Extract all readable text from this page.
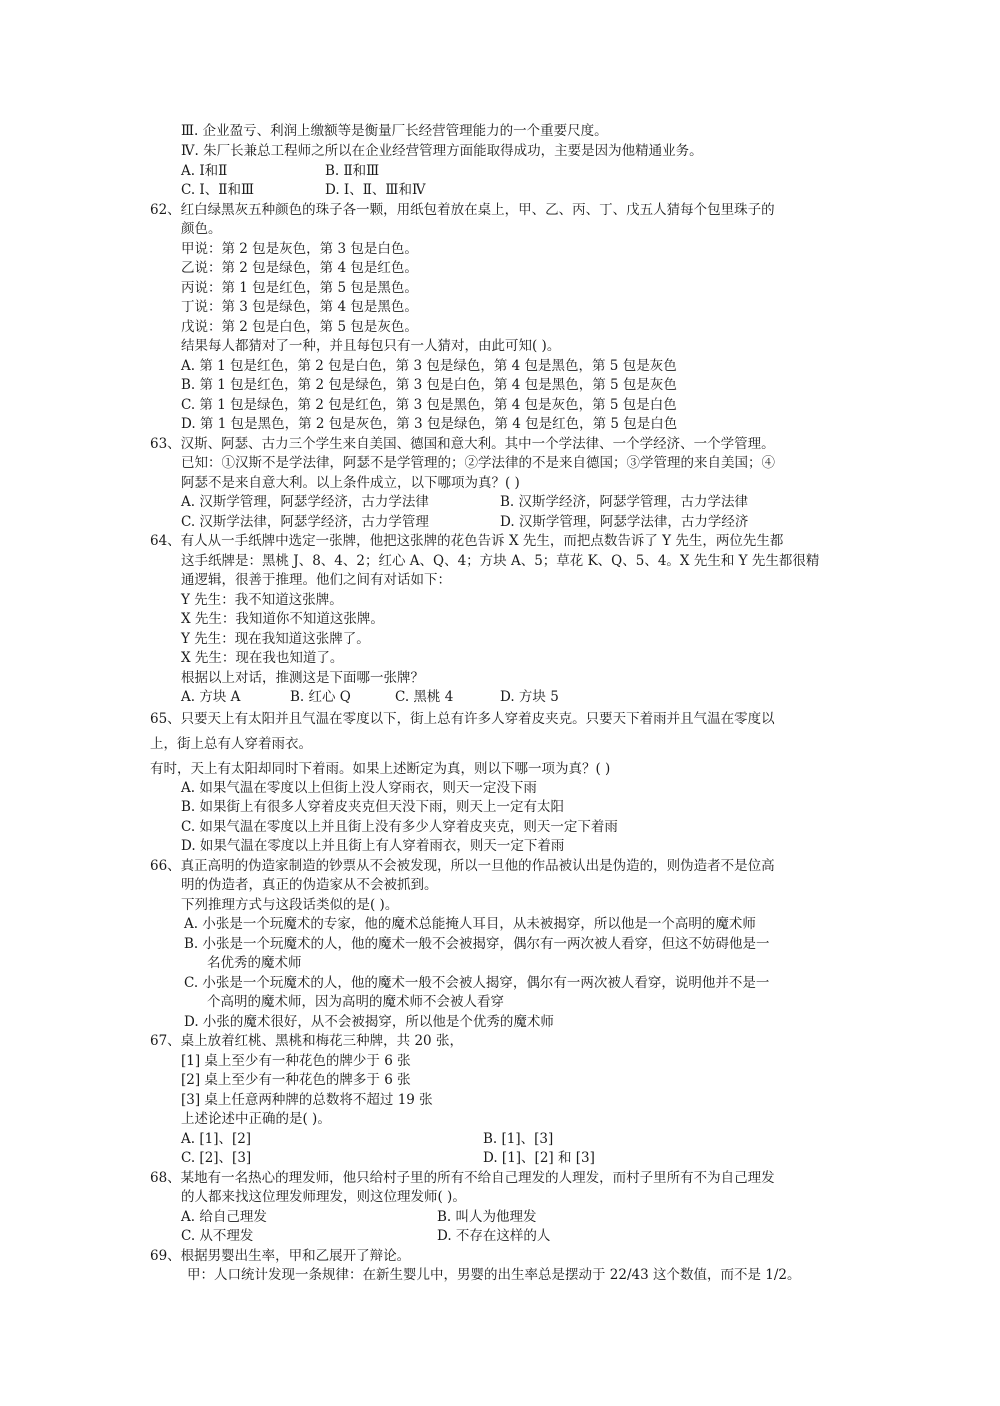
Ⅲ. 企业盈亏、利润上缴额等是衡量厂长经营管理能力的一个重要尺度。
Ⅳ. 朱厂长兼总工程师之所以在企业经营管理方面能取得成功，主要是因为他精通业务。
A. Ⅰ和Ⅱ	B. Ⅱ和Ⅲ
C. Ⅰ、Ⅱ和Ⅲ	D. Ⅰ、Ⅱ、Ⅲ和Ⅳ
62、红白绿黑灰五种颜色的珠子各一颗，用纸包着放在桌上，甲、乙、丙、丁、戊五人猜每个包里珠子的
颜色。
甲说：第 2 包是灰色，第 3 包是白色。
乙说：第 2 包是绿色，第 4 包是红色。
丙说：第 1 包是红色，第 5 包是黑色。
丁说：第 3 包是绿色，第 4 包是黑色。
戊说：第 2 包是白色，第 5 包是灰色。
结果每人都猜对了一种，并且每包只有一人猜对，由此可知( )。
A. 第 1 包是红色，第 2 包是白色，第 3 包是绿色，第 4 包是黑色，第 5 包是灰色
B. 第 1 包是红色，第 2 包是绿色，第 3 包是白色，第 4 包是黑色，第 5 包是灰色
C. 第 1 包是绿色，第 2 包是红色，第 3 包是黑色，第 4 包是灰色，第 5 包是白色
D. 第 1 包是黑色，第 2 包是灰色，第 3 包是绿色，第 4 包是红色，第 5 包是白色
63、汉斯、阿瑟、古力三个学生来自美国、德国和意大利。其中一个学法律、一个学经济、一个学管理。
已知：①汉斯不是学法律，阿瑟不是学管理的；②学法律的不是来自德国；③学管理的来自美国；④
阿瑟不是来自意大利。以上条件成立，以下哪项为真？( )
A. 汉斯学管理，阿瑟学经济，古力学法律	B. 汉斯学经济，阿瑟学管理，古力学法律
C. 汉斯学法律，阿瑟学经济，古力学管理	D. 汉斯学管理，阿瑟学法律，古力学经济
64、有人从一手纸牌中选定一张牌，他把这张牌的花色告诉 X 先生，而把点数告诉了 Y 先生，两位先生都
这手纸牌是：黑桃 J、8、4、2；红心 A、Q、4；方块 A、5；草花 K、Q、5、4。X 先生和 Y 先生都很精
通逻辑，很善于推理。他们之间有对话如下：
Y 先生：我不知道这张牌。
X 先生：我知道你不知道这张牌。
Y 先生：现在我知道这张牌了。
X 先生：现在我也知道了。
根据以上对话，推测这是下面哪一张牌？
A. 方块 A	B. 红心 Q	C. 黑桃 4	D. 方块 5
65、只要天上有太阳并且气温在零度以下，街上总有许多人穿着皮夹克。只要天下着雨并且气温在零度以
上，街上总有人穿着雨衣。
有时，天上有太阳却同时下着雨。如果上述断定为真，则以下哪一项为真？( )
A. 如果气温在零度以上但街上没人穿雨衣，则天一定没下雨
B. 如果街上有很多人穿着皮夹克但天没下雨，则天上一定有太阳
C. 如果气温在零度以上并且街上没有多少人穿着皮夹克，则天一定下着雨
D. 如果气温在零度以上并且街上有人穿着雨衣，则天一定下着雨
66、真正高明的伪造家制造的钞票从不会被发现，所以一旦他的作品被认出是伪造的，则伪造者不是位高
明的伪造者，真正的伪造家从不会被抓到。
下列推理方式与这段话类似的是( )。
A. 小张是一个玩魔术的专家，他的魔术总能掩人耳目，从未被揭穿，所以他是一个高明的魔术师
B. 小张是一个玩魔术的人，他的魔术一般不会被揭穿，偶尔有一两次被人看穿，但这不妨碍他是一
名优秀的魔术师
C. 小张是一个玩魔术的人，他的魔术一般不会被人揭穿，偶尔有一两次被人看穿，说明他并不是一
个高明的魔术师，因为高明的魔术师不会被人看穿
D. 小张的魔术很好，从不会被揭穿，所以他是个优秀的魔术师
67、桌上放着红桃、黑桃和梅花三种牌，共 20 张，
[1] 桌上至少有一种花色的牌少于 6 张
[2] 桌上至少有一种花色的牌多于 6 张
[3] 桌上任意两种牌的总数将不超过 19 张
上述论述中正确的是( )。
A. [1]、[2]	B. [1]、[3]
C. [2]、[3]	D. [1]、[2] 和 [3]
68、某地有一名热心的理发师，他只给村子里的所有不给自己理发的人理发，而村子里所有不为自己理发
的人都来找这位理发师理发，则这位理发师( )。
A. 给自己理发	B. 叫人为他理发
C. 从不理发	D. 不存在这样的人
69、根据男婴出生率，甲和乙展开了辩论。
甲：人口统计发现一条规律：在新生婴儿中，男婴的出生率总是摆动于 22/43 这个数值，而不是 1/2。
